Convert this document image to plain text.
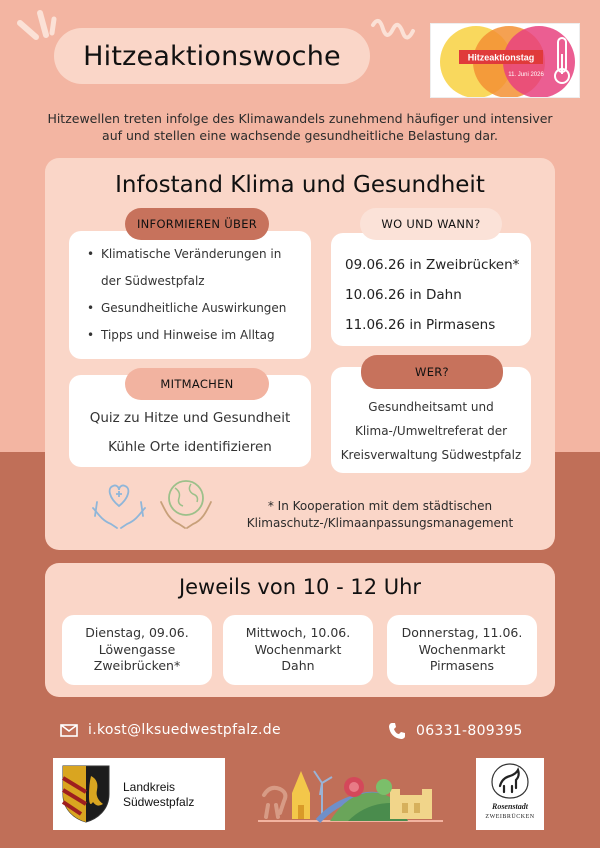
Hitzeaktionswoche	Hitzeaktionstag
11. Juni 2026

Hitzewellen treten infolge des Klimawandels zunehmend häufiger und intensiver auf und stellen eine wachsende gesundheitliche Belastung dar.

Infostand Klima und Gesundheit
• Klimatische Veränderungen in der Südwestpfalz
• Gesundheitliche Auswirkungen
• Tipps und Hinweise im Alltag
INFORMIEREN ÜBER
09.06.26 in Zweibrücken*
10.06.26 in Dahn
11.06.26 in Pirmasens
WO UND WANN?
Quiz zu Hitze und Gesundheit
Kühle Orte identifizieren
MITMACHEN
Gesundheitsamt und
Klima-/Umweltreferat der
Kreisverwaltung Südwestpfalz
WER?
* In Kooperation mit dem städtischen
Klimaschutz-/Klimaanpassungsmanagement
Jeweils von 10 - 12 Uhr
Dienstag, 09.06.
Löwengasse
Zweibrücken*
Mittwoch, 10.06.
Wochenmarkt
Dahn
Donnerstag, 11.06.
Wochenmarkt
Pirmasens
i.kost@lksuedwestpfalz.de	06331-809395
Landkreis
Südwestpfalz	Rosenstadt
ZWEIBRÜCKEN
